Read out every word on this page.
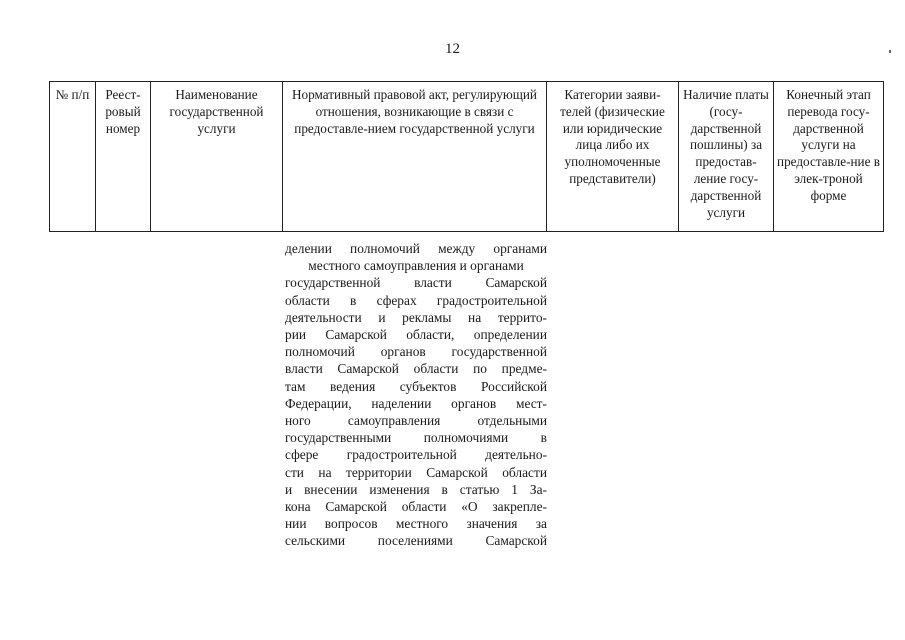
12
№ п/п	Реест-ровый номер	Наименование государственной услуги	Нормативный правовой акт, регулирующий отношения, возникающие в связи с предоставле-нием государственной услуги	Категории заяви-телей (физические или юридические лица либо их уполномоченные представители)	Наличие платы (госу-дарственной пошлины) за предостав-ление госу-дарственной услуги	Конечный этап перевода госу-дарственной услуги на предоставле-ние в элек-троной форме
делении полномочий между органами
местного самоуправления и органами
государственной власти Самарской
области в сферах градостроительной
деятельности и рекламы на террито-
рии Самарской области, определении
полномочий органов государственной
власти Самарской области по предме-
там ведения субъектов Российской
Федерации, наделении органов мест-
ного самоуправления отдельными
государственными полномочиями в
сфере градостроительной деятельно-
сти на территории Самарской области
и внесении изменения в статью 1 За-
кона Самарской области «О закрепле-
нии вопросов местного значения за
сельскими поселениями Самарской
